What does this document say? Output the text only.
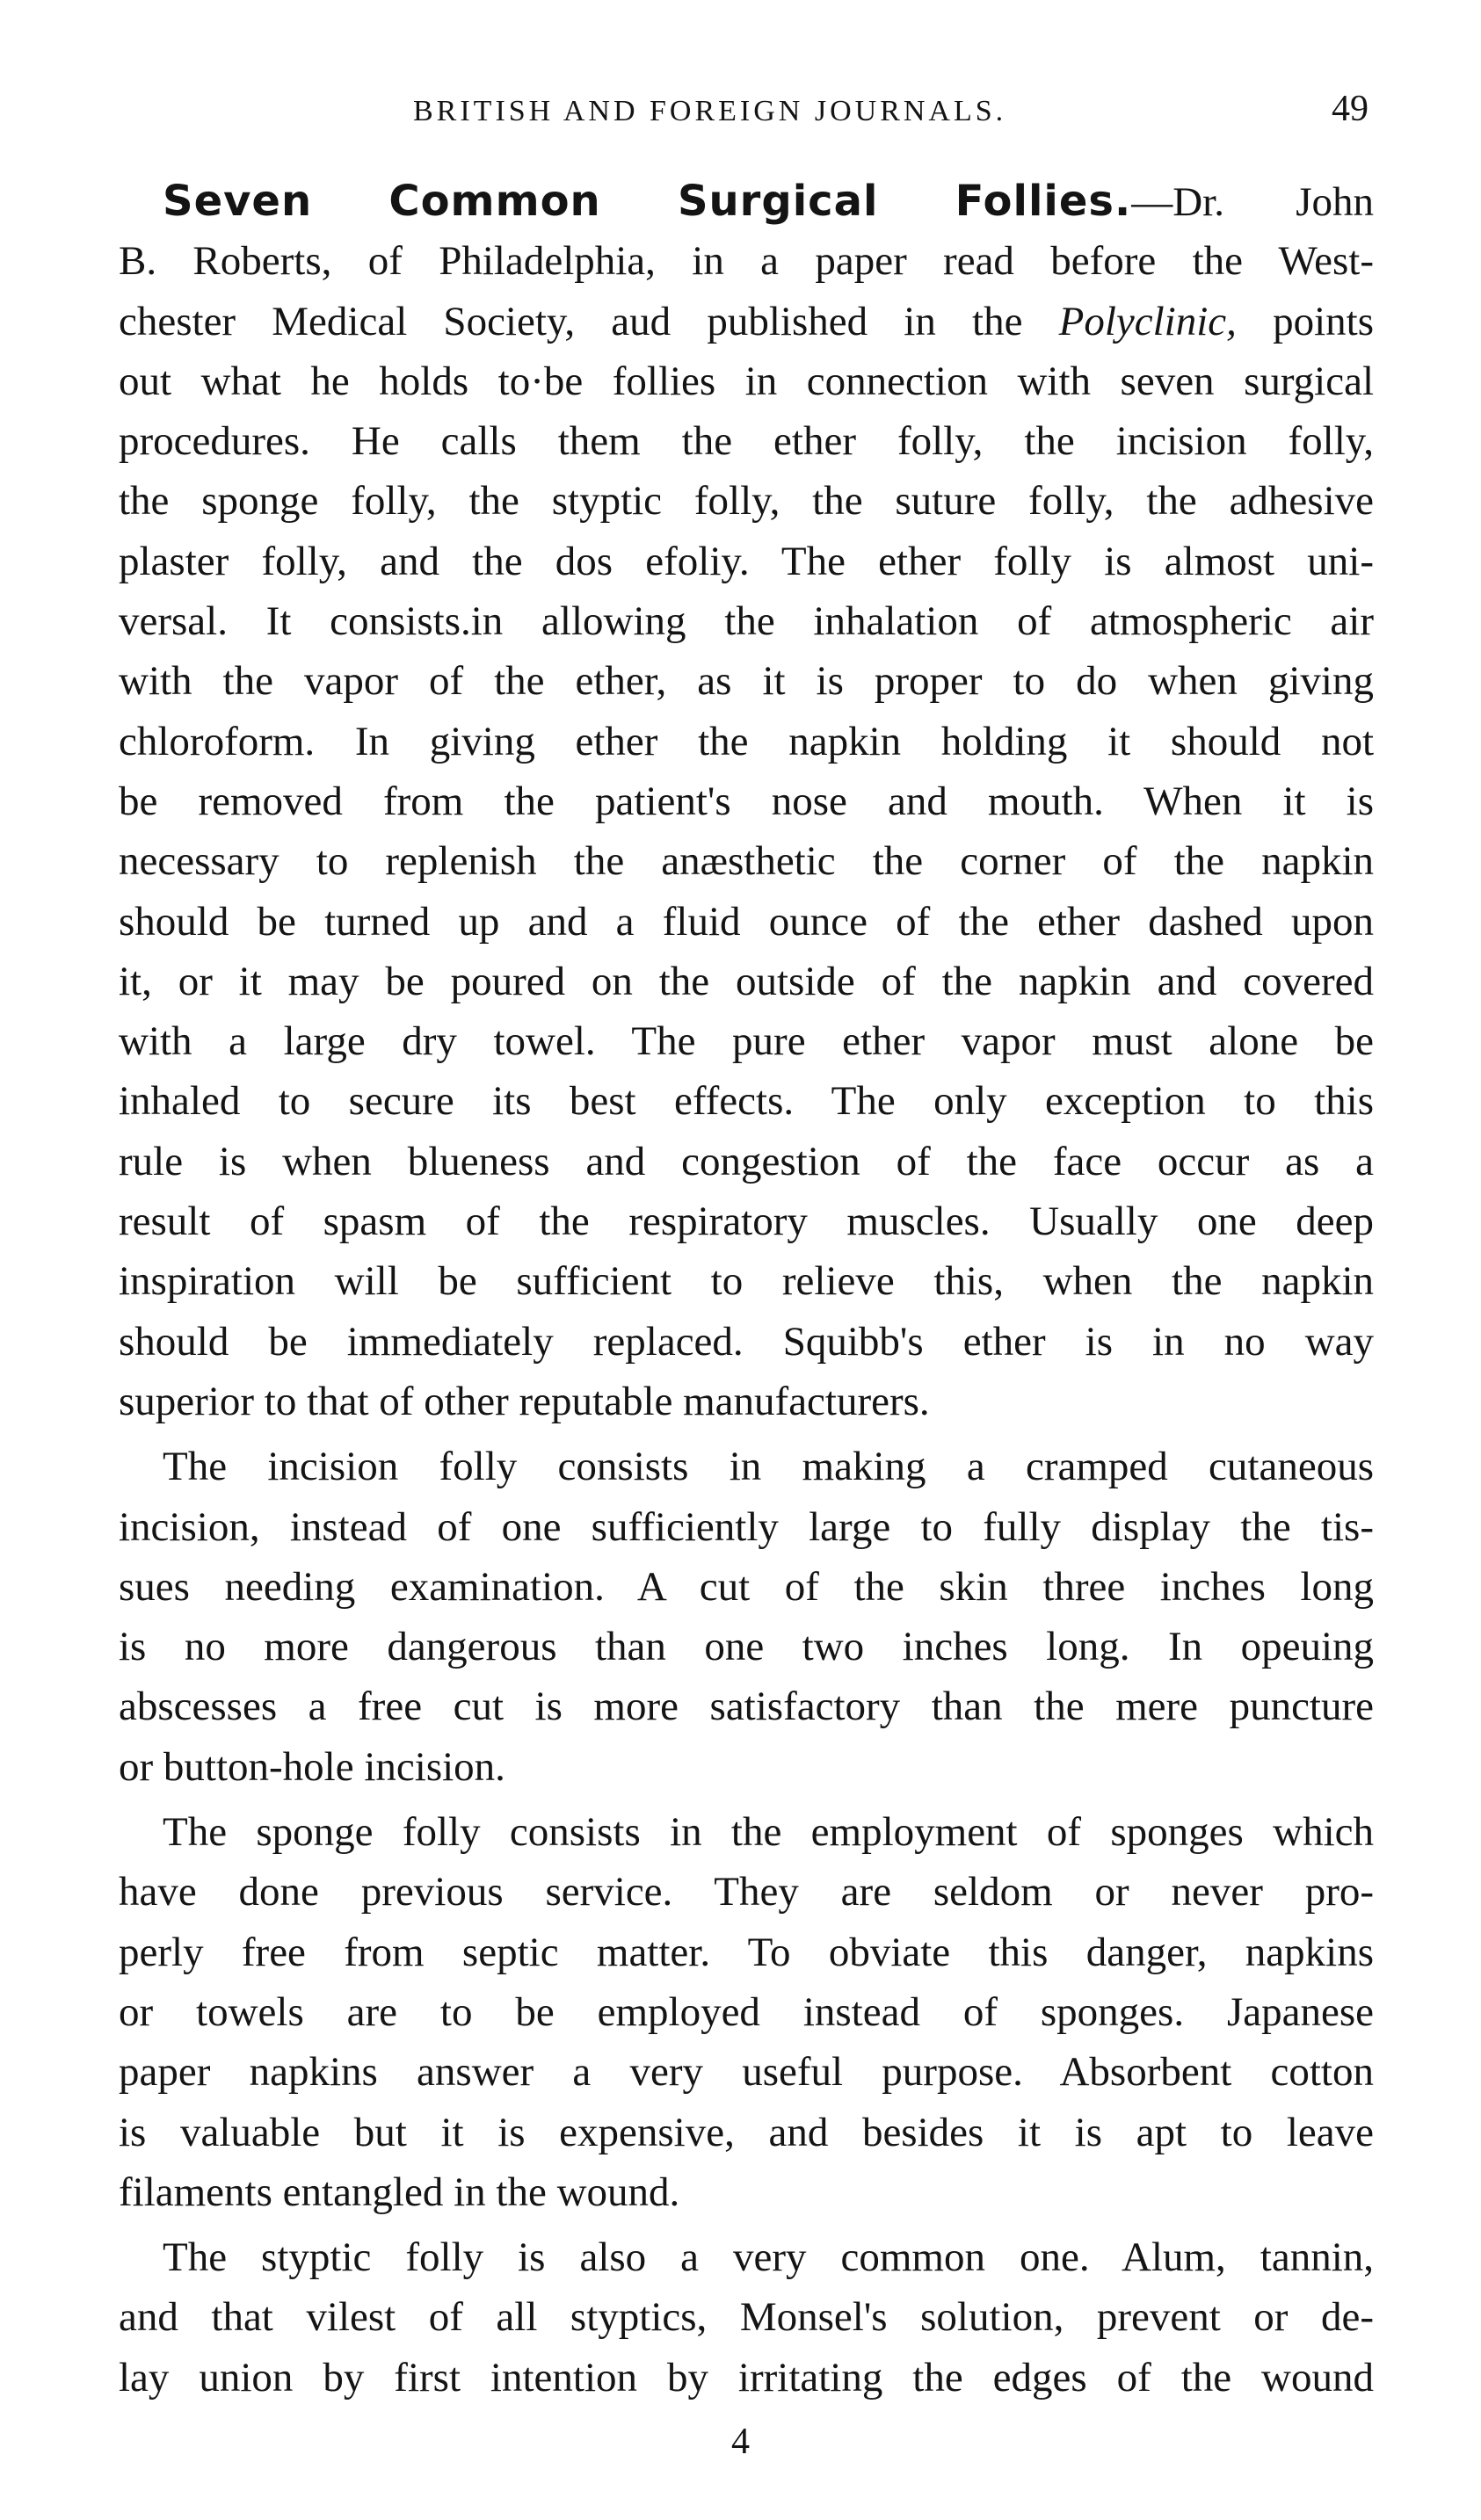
BRITISH AND FOREIGN JOURNALS.	49
Seven Common Surgical Follies.—Dr. John
B. Roberts, of Philadelphia, in a paper read before the West-
chester Medical Society, aud published in the Polyclinic, points
out what he holds to·be follies in connection with seven surgical
procedures. He calls them the ether folly, the incision folly,
the sponge folly, the styptic folly, the suture folly, the adhesive
plaster folly, and the dos efoliy. The ether folly is almost uni-
versal. It consists.in allowing the inhalation of atmospheric air
with the vapor of the ether, as it is proper to do when giving
chloroform. In giving ether the napkin holding it should not
be removed from the patient's nose and mouth. When it is
necessary to replenish the anæsthetic the corner of the napkin
should be turned up and a fluid ounce of the ether dashed upon
it, or it may be poured on the outside of the napkin and covered
with a large dry towel. The pure ether vapor must alone be
inhaled to secure its best effects. The only exception to this
rule is when blueness and congestion of the face occur as a
result of spasm of the respiratory muscles. Usually one deep
inspiration will be sufficient to relieve this, when the napkin
should be immediately replaced. Squibb's ether is in no way
superior to that of other reputable manufacturers.
The incision folly consists in making a cramped cutaneous
incision, instead of one sufficiently large to fully display the tis-
sues needing examination. A cut of the skin three inches long
is no more dangerous than one two inches long. In opeuing
abscesses a free cut is more satisfactory than the mere puncture
or button-hole incision.
The sponge folly consists in the employment of sponges which
have done previous service. They are seldom or never pro-
perly free from septic matter. To obviate this danger, napkins
or towels are to be employed instead of sponges. Japanese
paper napkins answer a very useful purpose. Absorbent cotton
is valuable but it is expensive, and besides it is apt to leave
filaments entangled in the wound.
The styptic folly is also a very common one. Alum, tannin,
and that vilest of all styptics, Monsel's solution, prevent or de-
lay union by first intention by irritating the edges of the wound
4
